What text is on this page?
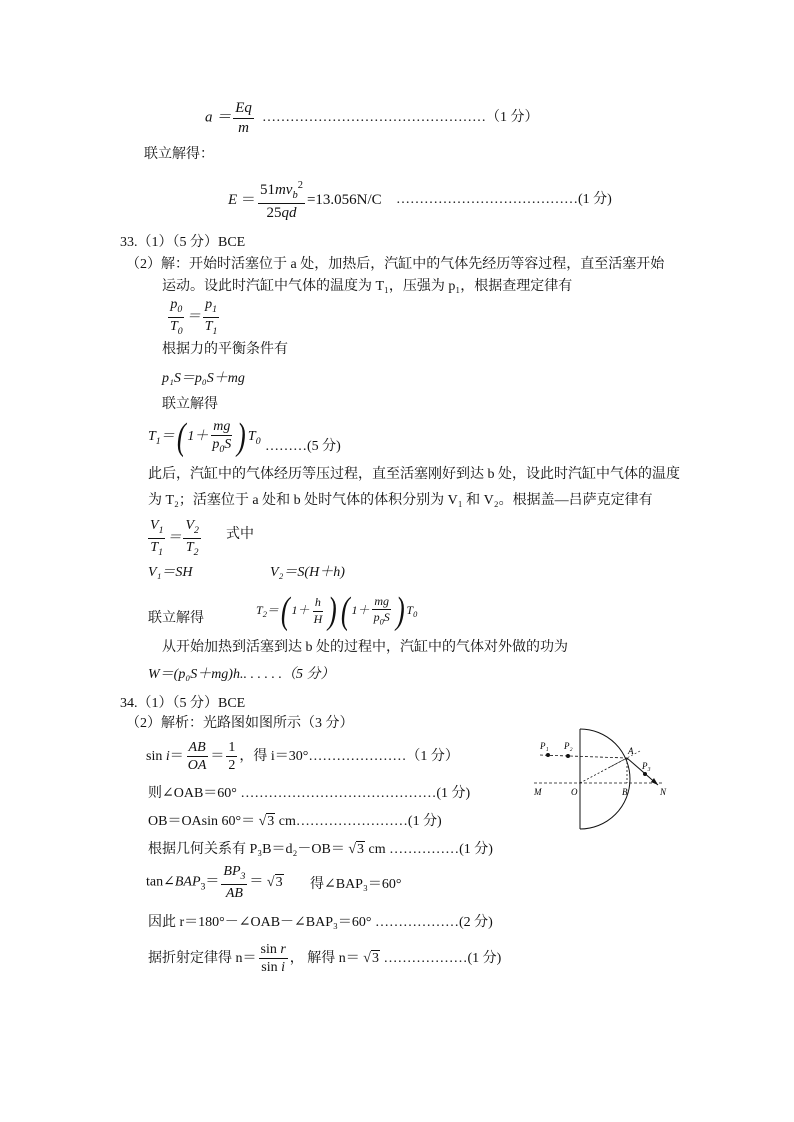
$a = \frac{Eq}{m}$ …………………………………………（1 分）
联立解得：
$E = \frac{51mv_b^2}{25qd} =13.056N/C$ …………………………………(1 分)
33.（1）（5 分）BCE
（2）解：开始时活塞位于 a 处，加热后，汽缸中的气体先经历等容过程，直至活塞开始
运动。设此时汽缸中气体的温度为 T₁，压强为 p₁，根据查理定律有
$\frac{p_0}{T_0} = \frac{p_1}{T_1}$
根据力的平衡条件有
p₁S＝p₀S＋mg
联立解得
$T_1=$( $1+ \frac{mg}{p_0S}$ ) $T_0$ ………(5 分)
此后，汽缸中的气体经历等压过程，直至活塞刚好到达 b 处，设此时汽缸中气体的温度
为 T₂；活塞位于 a 处和 b 处时气体的体积分别为 V₁ 和 V₂。根据盖—吕萨克定律有
$\frac{V_1}{T_1} = \frac{V_2}{T_2}$ 式中
V₁＝SH	V₂＝S(H＋h)
联立解得
$T_2=$( $1+ \frac{h}{H}$ )( $1+ \frac{mg}{p_0S}$ ) $T_0$
从开始加热到活塞到达 b 处的过程中，汽缸中的气体对外做的功为
W＝(p₀S＋mg)h.. . . . . .（5 分）
34.（1）（5 分）BCE
（2）解析：光路图如图所示（3 分）
$\sin i= \frac{AB}{OA} = \frac{1}{2}$ ，得 i＝30°…………………（1 分）
则∠OAB＝60° ……………………………………(1 分)
OB＝OAsin 60°＝ √3 cm……………………(1 分)
根据几何关系有 P₃B＝d₂－OB＝ √3 cm ……………(1 分)
$\tan\angle BAP_3= \frac{BP_3}{AB} = √3$ 得∠BAP₃＝60°
因此 r＝180°－∠OAB－∠BAP₃＝60° ………………(2 分)
据折射定律得 $n= \frac{\text{sin r}}{\text{sin i}}$ ， 解得 n＝ √3 ………………(1 分)
P₁ P₂	A
P₃
M	O	B	N
